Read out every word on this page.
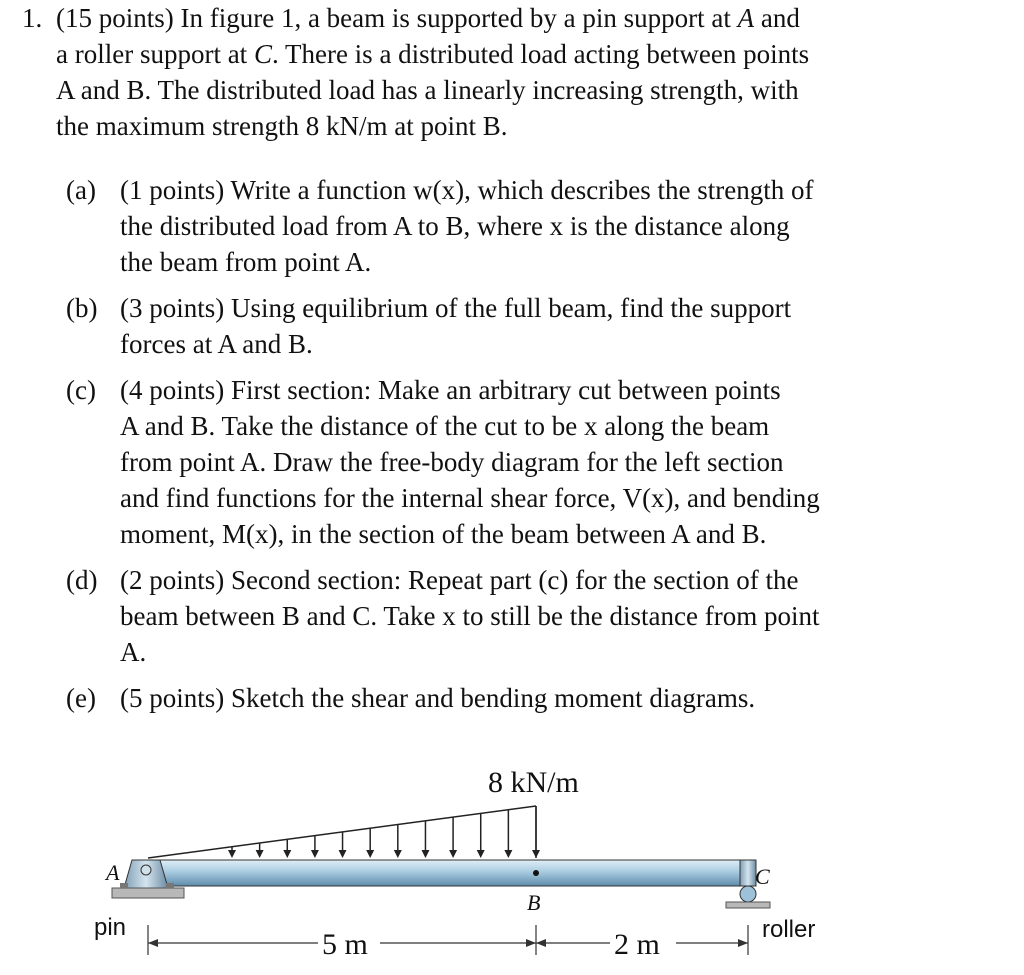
1. (15 points) In figure 1, a beam is supported by a pin support at A and
a roller support at C. There is a distributed load acting between points
A and B. The distributed load has a linearly increasing strength, with
the maximum strength 8 kN/m at point B.
(a) (1 points) Write a function w(x), which describes the strength of
the distributed load from A to B, where x is the distance along
the beam from point A.
(b) (3 points) Using equilibrium of the full beam, find the support
forces at A and B.
(c) (4 points) First section: Make an arbitrary cut between points
A and B. Take the distance of the cut to be x along the beam
from point A. Draw the free-body diagram for the left section
and find functions for the internal shear force, V(x), and bending
moment, M(x), in the section of the beam between A and B.
(d) (2 points) Second section: Repeat part (c) for the section of the
beam between B and C. Take x to still be the distance from point
A.
(e) (5 points) Sketch the shear and bending moment diagrams.
8 kN/m
A
B
C
pin	roller
5 m	2 m
